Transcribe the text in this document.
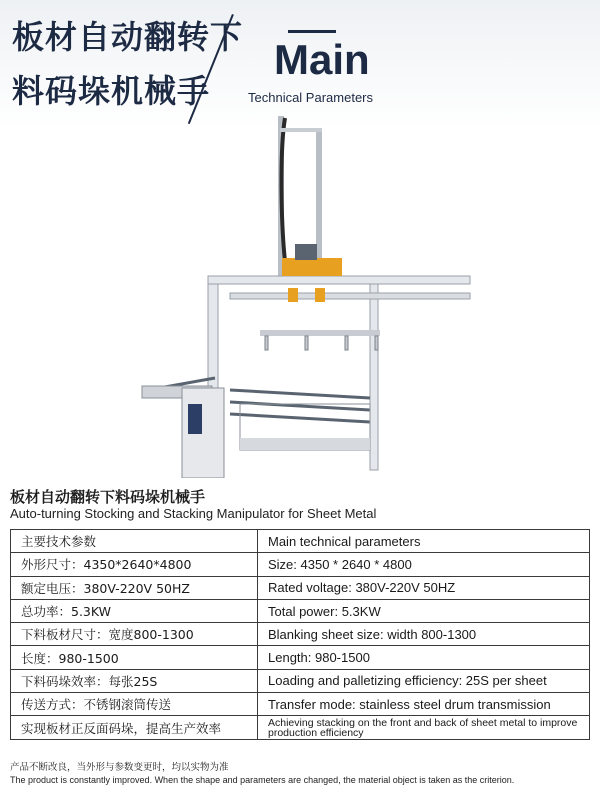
板材自动翻转下
料码垛机械手
Main
Technical Parameters
板材自动翻转下料码垛机械手
Auto-turning Stocking and Stacking Manipulator for Sheet Metal
主要技术参数	Main technical parameters
外形尺寸：4350*2640*4800	Size: 4350 * 2640 * 4800
额定电压：380V-220V 50HZ	Rated voltage: 380V-220V 50HZ
总功率：5.3KW	Total power: 5.3KW
下料板材尺寸：宽度800-1300	Blanking sheet size: width 800-1300
长度：980-1500	Length: 980-1500
下料码垛效率：每张25S	Loading and palletizing efficiency: 25S per sheet
传送方式：不锈钢滚筒传送	Transfer mode: stainless steel drum transmission
实现板材正反面码垛，提高生产效率	Achieving stacking on the front and back of sheet metal to improve production efficiency
产品不断改良，当外形与参数变更时，均以实物为准
The product is constantly improved. When the shape and parameters are changed, the material object is taken as the criterion.
